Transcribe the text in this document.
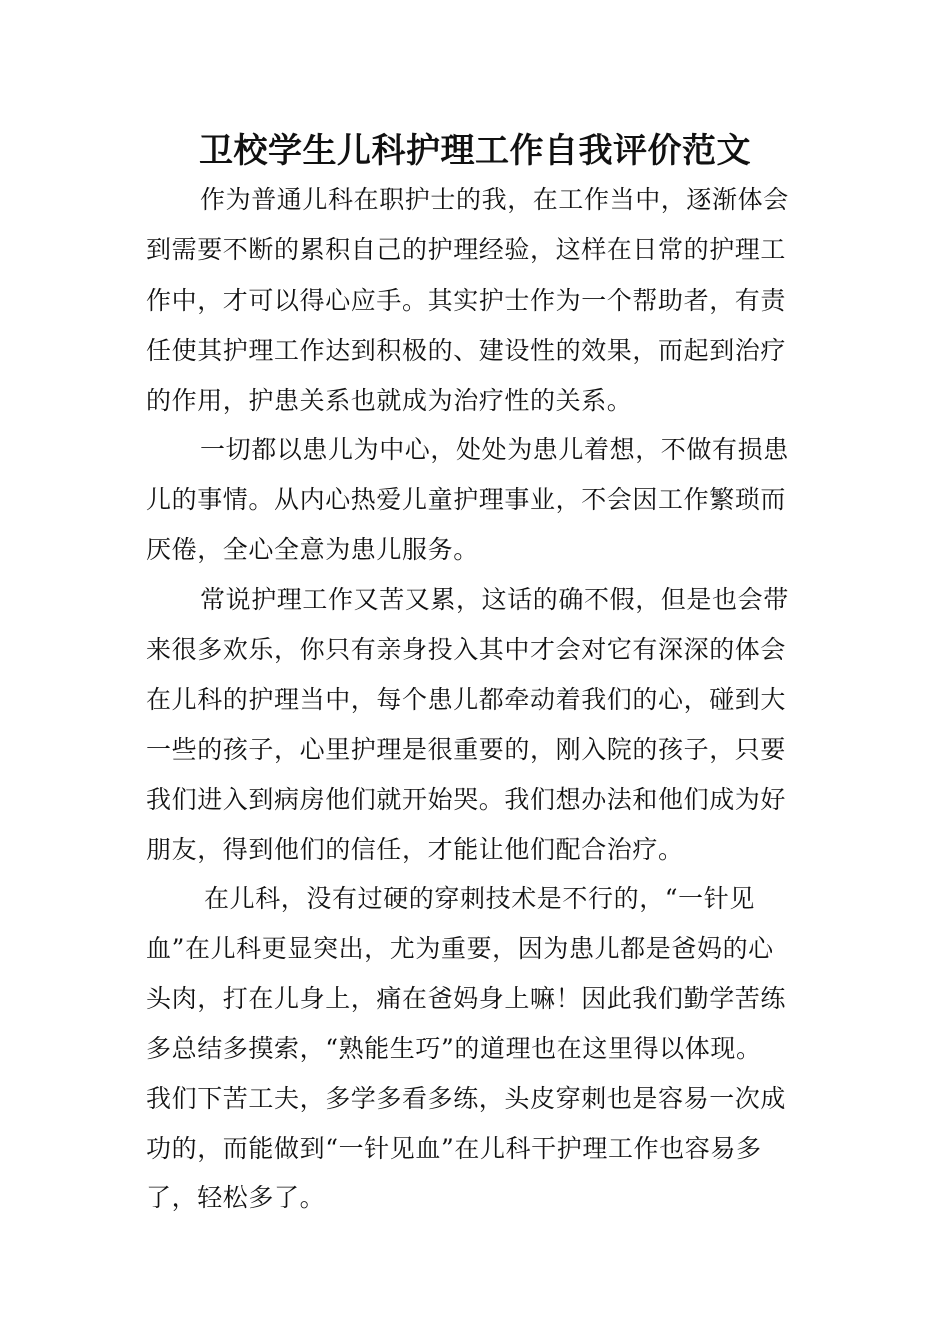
卫校学生儿科护理工作自我评价范文
作为普通儿科在职护士的我，在工作当中，逐渐体会
到需要不断的累积自己的护理经验，这样在日常的护理工
作中，才可以得心应手。其实护士作为一个帮助者，有责
任使其护理工作达到积极的、建设性的效果，而起到治疗
的作用，护患关系也就成为治疗性的关系。
一切都以患儿为中心，处处为患儿着想，不做有损患
儿的事情。从内心热爱儿童护理事业，不会因工作繁琐而
厌倦，全心全意为患儿服务。
常说护理工作又苦又累，这话的确不假，但是也会带
来很多欢乐，你只有亲身投入其中才会对它有深深的体会
在儿科的护理当中，每个患儿都牵动着我们的心，碰到大
一些的孩子，心里护理是很重要的，刚入院的孩子，只要
我们进入到病房他们就开始哭。我们想办法和他们成为好
朋友，得到他们的信任，才能让他们配合治疗。
在儿科，没有过硬的穿刺技术是不行的，“一针见
血”在儿科更显突出，尤为重要，因为患儿都是爸妈的心
头肉，打在儿身上，痛在爸妈身上嘛！因此我们勤学苦练
多总结多摸索，“熟能生巧”的道理也在这里得以体现。
我们下苦工夫，多学多看多练，头皮穿刺也是容易一次成
功的，而能做到“一针见血”在儿科干护理工作也容易多
了，轻松多了。
